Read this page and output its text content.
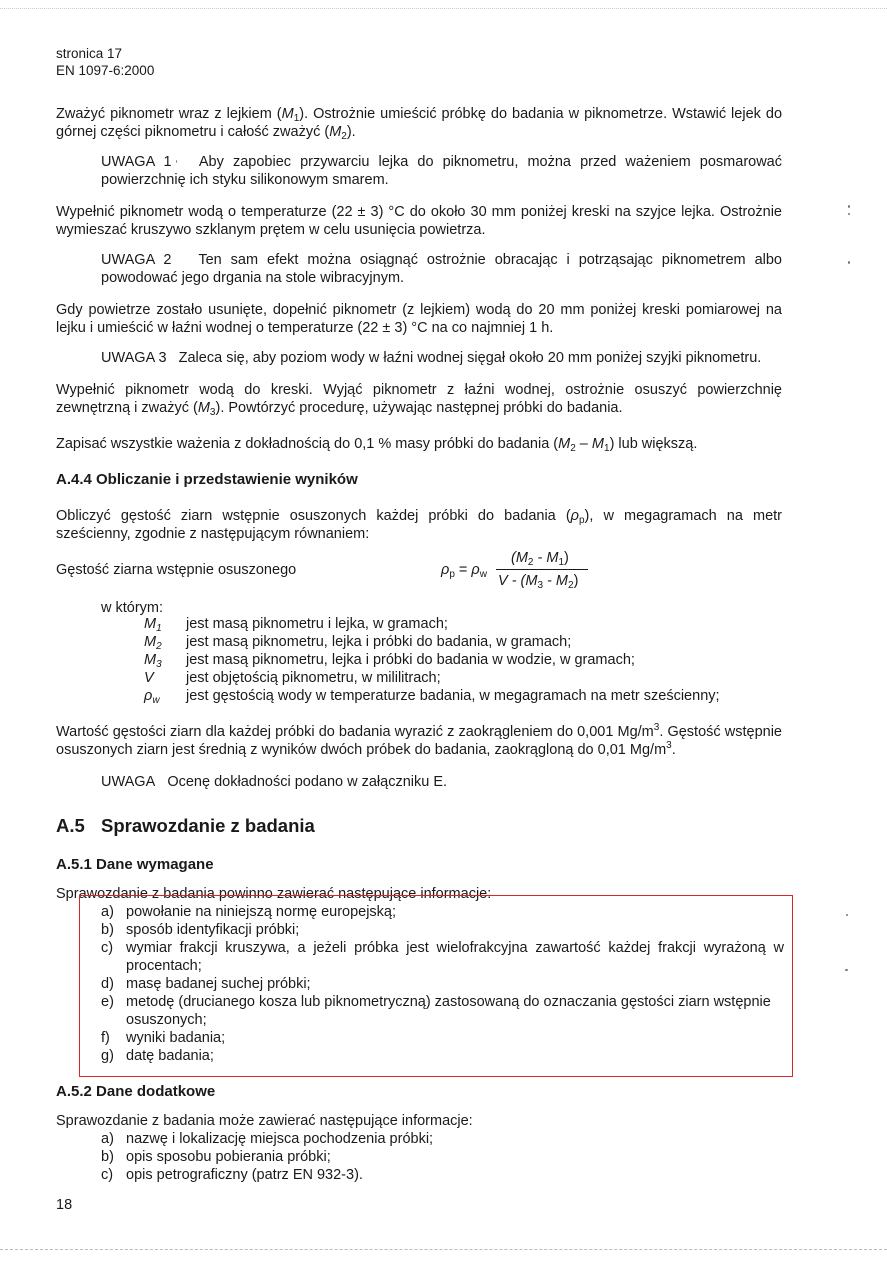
stronica 17
EN 1097-6:2000
Zważyć piknometr wraz z lejkiem $(M_1)$. Ostrożnie umieścić próbkę do badania w piknometrze. Wstawić lejek do górnej części piknometru i całość zważyć $(M_2)$.
UWAGA 1 Aby zapobiec przywarciu lejka do piknometru, można przed ważeniem posmarować powierzchnię ich styku silikonowym smarem.
Wypełnić piknometr wodą o temperaturze (22 ± 3) °C do około 30 mm poniżej kreski na szyjce lejka. Ostrożnie wymieszać kruszywo szklanym prętem w celu usunięcia powietrza.
UWAGA 2 Ten sam efekt można osiągnąć ostrożnie obracając i potrząsając piknometrem albo powodować jego drgania na stole wibracyjnym.
Gdy powietrze zostało usunięte, dopełnić piknometr (z lejkiem) wodą do 20 mm poniżej kreski pomiarowej na lejku i umieścić w łaźni wodnej o temperaturze (22 ± 3) °C na co najmniej 1 h.
UWAGA 3 Zaleca się, aby poziom wody w łaźni wodnej sięgał około 20 mm poniżej szyjki piknometru.
Wypełnić piknometr wodą do kreski. Wyjąć piknometr z łaźni wodnej, ostrożnie osuszyć powierzchnię zewnętrzną i zważyć $(M_3)$. Powtórzyć procedurę, używając następnej próbki do badania.
Zapisać wszystkie ważenia z dokładnością do 0,1 % masy próbki do badania $(M_2 - M_1)$ lub większą.
A.4.4 Obliczanie i przedstawienie wyników
Obliczyć gęstość ziarn wstępnie osuszonych każdej próbki do badania $(\rho_p)$, w megagramach na metr sześcienny, zgodnie z następującym równaniem:
Gęstość ziarna wstępnie osuszonego	$\rho_p = \rho_w$
$(M_2 - M_1)$
V - $(M_3 - M_2)$
w którym:
$M_1$	jest masą piknometru i lejka, w gramach;
$M_2$	jest masą piknometru, lejka i próbki do badania, w gramach;
$M_3$	jest masą piknometru, lejka i próbki do badania w wodzie, w gramach;
V	jest objętością piknometru, w mililitrach;
$\rho_w$	jest gęstością wody w temperaturze badania, w megagramach na metr sześcienny;
Wartość gęstości ziarn dla każdej próbki do badania wyrazić z zaokrągleniem do 0,001 $Mg/m^3$. Gęstość wstępnie osuszonych ziarn jest średnią z wyników dwóch próbek do badania, zaokrągloną do 0,01 $Mg/m^3$.
UWAGA Ocenę dokładności podano w załączniku E.
A.5 Sprawozdanie z badania
A.5.1 Dane wymagane
Sprawozdanie z badania powinno zawierać następujące informacje:
a) powołanie na niniejszą normę europejską;
b) sposób identyfikacji próbki;
c) wymiar frakcji kruszywa, a jeżeli próbka jest wielofrakcyjna zawartość każdej frakcji wyrażoną w procentach;
d) masę badanej suchej próbki;
e) metodę (drucianego kosza lub piknometryczną) zastosowaną do oznaczania gęstości ziarn wstępnie osuszonych;
f)	wyniki badania;
g) datę badania;
A.5.2 Dane dodatkowe
Sprawozdanie z badania może zawierać następujące informacje:
a) nazwę i lokalizację miejsca pochodzenia próbki;
b) opis sposobu pobierania próbki;
c) opis petrograficzny (patrz EN 932-3).
18
